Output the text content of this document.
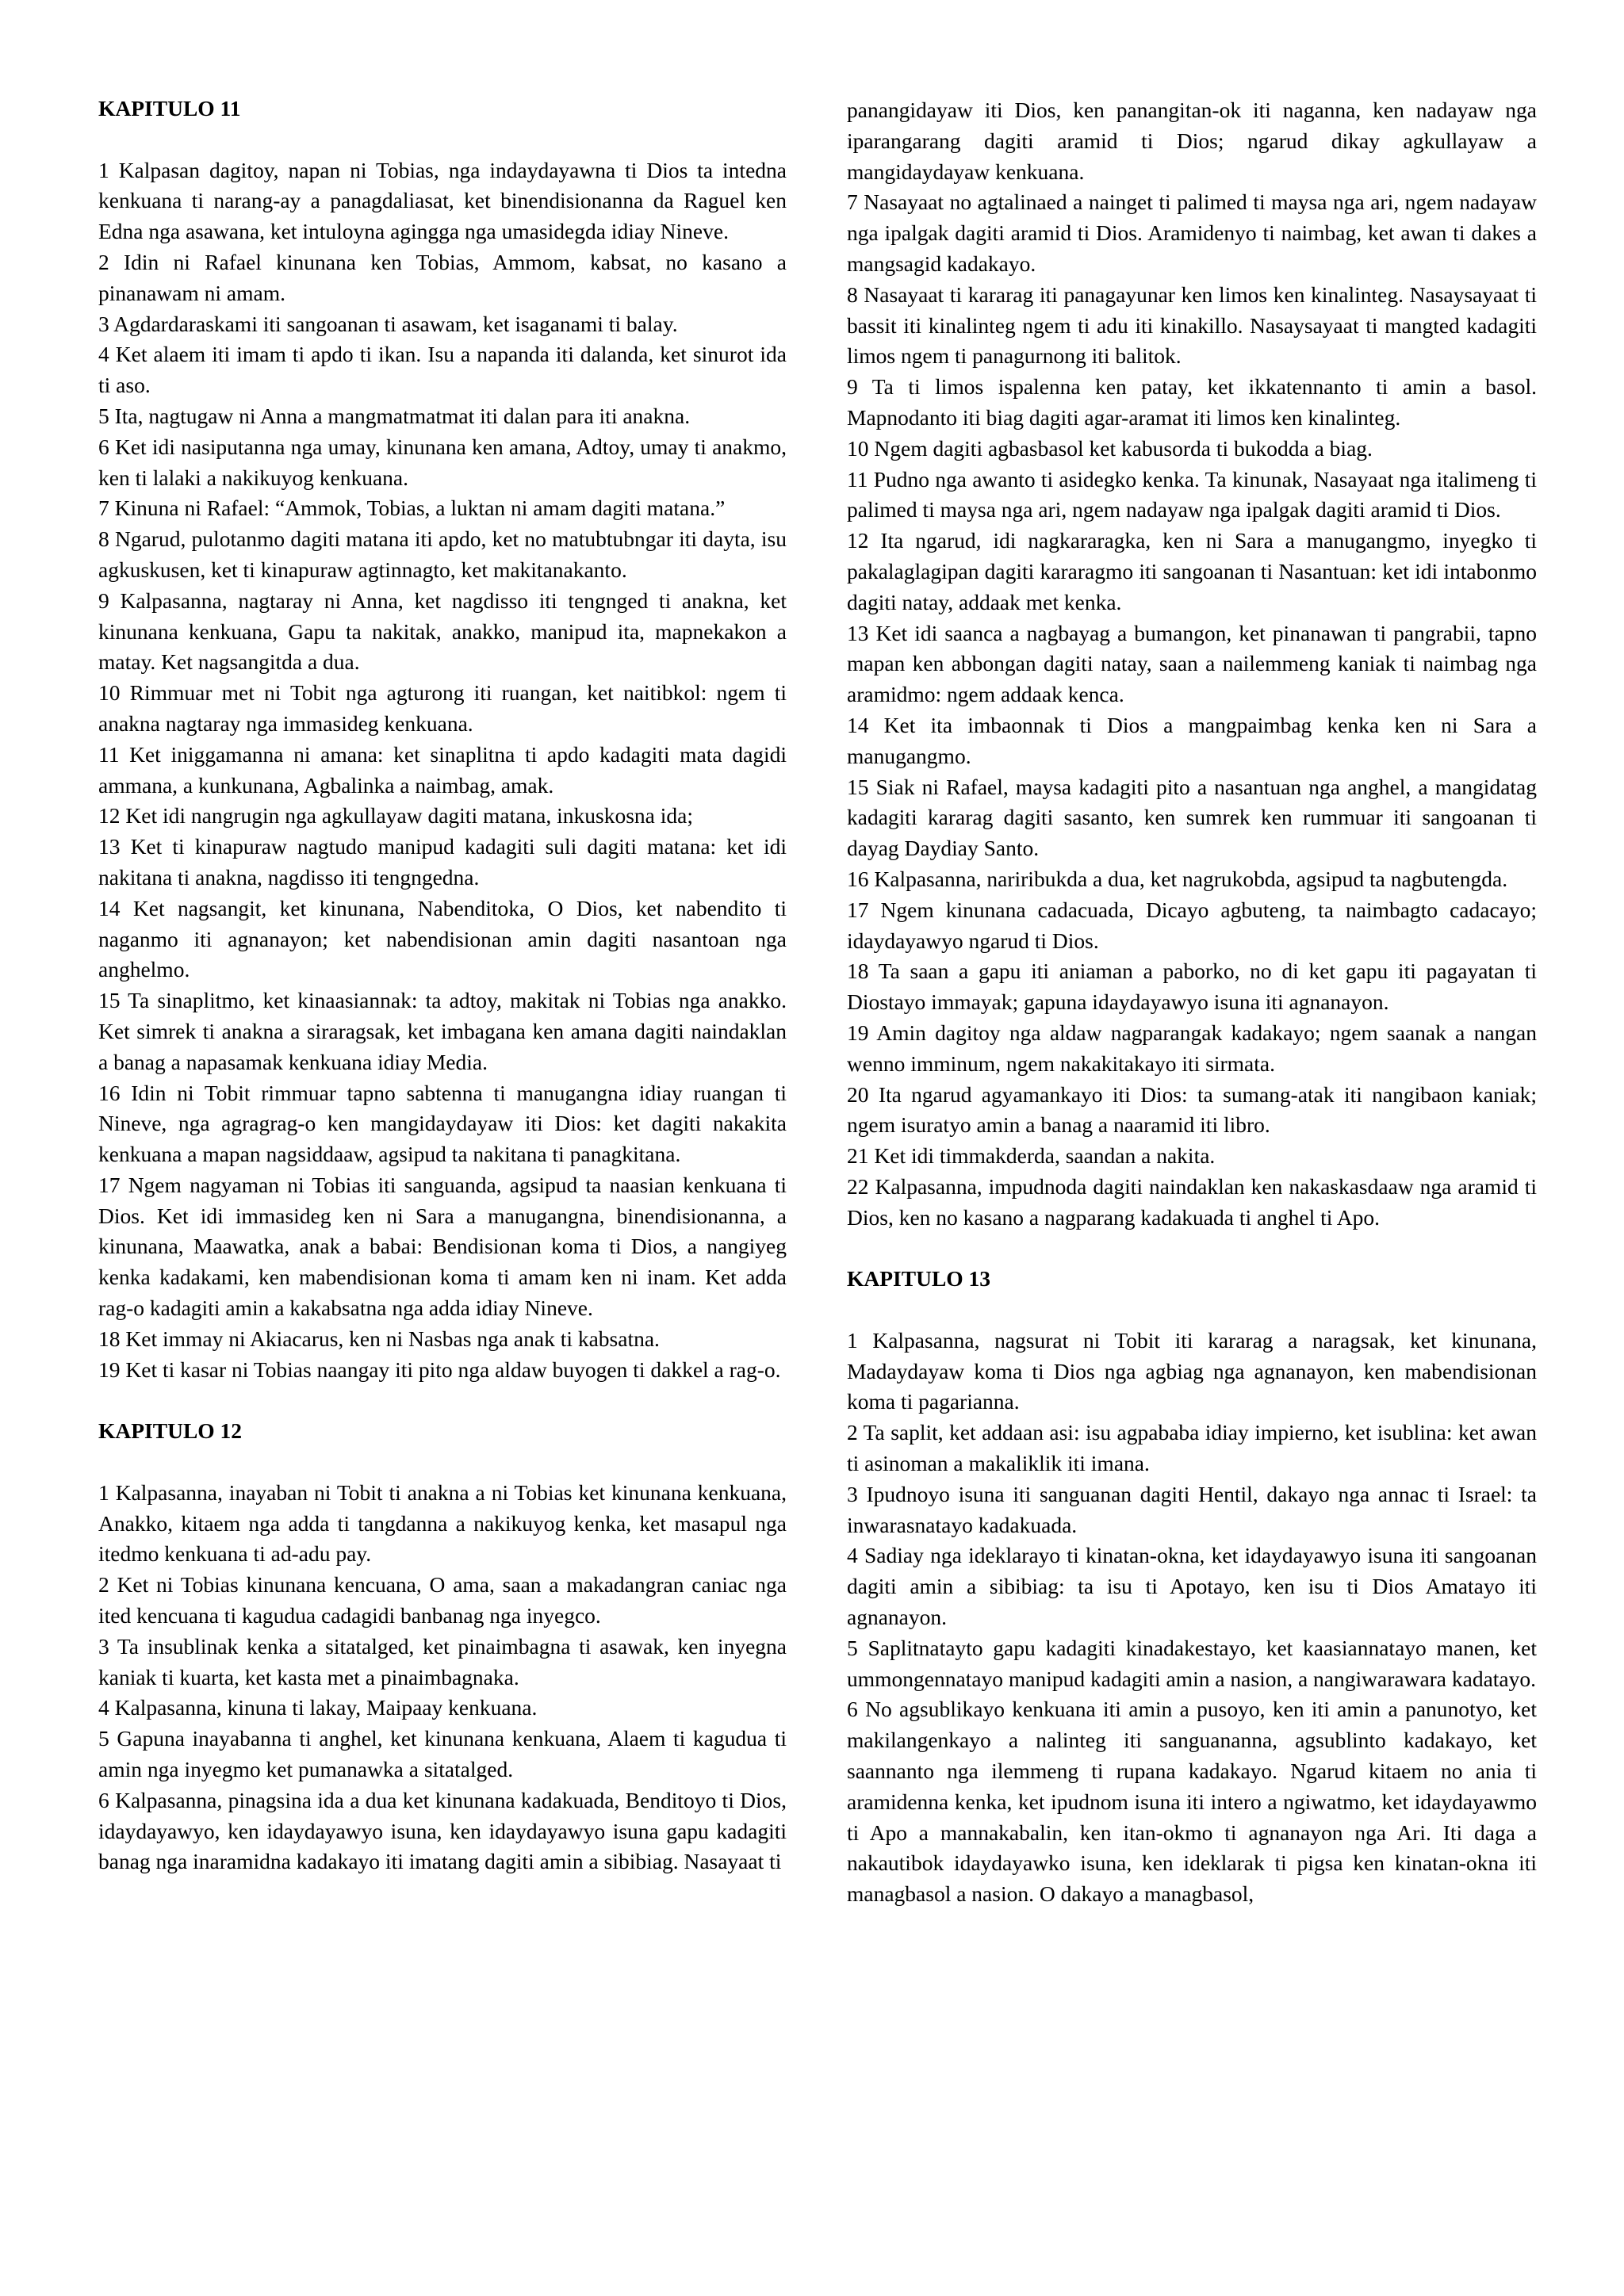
KAPITULO 11
1 Kalpasan dagitoy, napan ni Tobias, nga indaydayawna ti Dios ta intedna kenkuana ti narang-ay a panagdaliasat, ket binendisionanna da Raguel ken Edna nga asawana, ket intuloyna agingga nga umasidegda idiay Nineve.
2 Idin ni Rafael kinunana ken Tobias, Ammom, kabsat, no kasano a pinanawam ni amam.
3 Agdardaraskami iti sangoanan ti asawam, ket isaganami ti balay.
4 Ket alaem iti imam ti apdo ti ikan. Isu a napanda iti dalanda, ket sinurot ida ti aso.
5 Ita, nagtugaw ni Anna a mangmatmatmat iti dalan para iti anakna.
6 Ket idi nasiputanna nga umay, kinunana ken amana, Adtoy, umay ti anakmo, ken ti lalaki a nakikuyog kenkuana.
7 Kinuna ni Rafael: “Ammok, Tobias, a luktan ni amam dagiti matana.”
8 Ngarud, pulotanmo dagiti matana iti apdo, ket no matubtubngar iti dayta, isu agkuskusen, ket ti kinapuraw agtinnagto, ket makitanakanto.
9 Kalpasanna, nagtaray ni Anna, ket nagdisso iti tengnged ti anakna, ket kinunana kenkuana, Gapu ta nakitak, anakko, manipud ita, mapnekakon a matay. Ket nagsangitda a dua.
10 Rimmuar met ni Tobit nga agturong iti ruangan, ket naitibkol: ngem ti anakna nagtaray nga immasideg kenkuana.
11 Ket iniggamanna ni amana: ket sinaplitna ti apdo kadagiti mata dagidi ammana, a kunkunana, Agbalinka a naimbag, amak.
12 Ket idi nangrugin nga agkullayaw dagiti matana, inkuskosna ida;
13 Ket ti kinapuraw nagtudo manipud kadagiti suli dagiti matana: ket idi nakitana ti anakna, nagdisso iti tengngedna.
14 Ket nagsangit, ket kinunana, Nabenditoka, O Dios, ket nabendito ti naganmo iti agnanayon; ket nabendisionan amin dagiti nasantoan nga anghelmo.
15 Ta sinaplitmo, ket kinaasiannak: ta adtoy, makitak ni Tobias nga anakko. Ket simrek ti anakna a siraragsak, ket imbagana ken amana dagiti naindaklan a banag a napasamak kenkuana idiay Media.
16 Idin ni Tobit rimmuar tapno sabtenna ti manugangna idiay ruangan ti Nineve, nga agragrag-o ken mangidaydayaw iti Dios: ket dagiti nakakita kenkuana a mapan nagsiddaaw, agsipud ta nakitana ti panagkitana.
17 Ngem nagyaman ni Tobias iti sanguanda, agsipud ta naasian kenkuana ti Dios. Ket idi immasideg ken ni Sara a manugangna, binendisionanna, a kinunana, Maawatka, anak a babai: Bendisionan koma ti Dios, a nangiyeg kenka kadakami, ken mabendisionan koma ti amam ken ni inam. Ket adda rag-o kadagiti amin a kakabsatna nga adda idiay Nineve.
18 Ket immay ni Akiacarus, ken ni Nasbas nga anak ti kabsatna.
19 Ket ti kasar ni Tobias naangay iti pito nga aldaw buyogen ti dakkel a rag-o.
KAPITULO 12
1 Kalpasanna, inayaban ni Tobit ti anakna a ni Tobias ket kinunana kenkuana, Anakko, kitaem nga adda ti tangdanna a nakikuyog kenka, ket masapul nga itedmo kenkuana ti ad-adu pay.
2 Ket ni Tobias kinunana kencuana, O ama, saan a makadangran caniac nga ited kencuana ti kagudua cadagidi banbanag nga inyegco.
3 Ta insublinak kenka a sitatalged, ket pinaimbagna ti asawak, ken inyegna kaniak ti kuarta, ket kasta met a pinaimbagnaka.
4 Kalpasanna, kinuna ti lakay, Maipaay kenkuana.
5 Gapuna inayabanna ti anghel, ket kinunana kenkuana, Alaem ti kagudua ti amin nga inyegmo ket pumanawka a sitatalged.
6 Kalpasanna, pinagsina ida a dua ket kinunana kadakuada, Benditoyo ti Dios, idaydayawyo, ken idaydayawyo isuna, ken idaydayawyo isuna gapu kadagiti banag nga inaramidna kadakayo iti imatang dagiti amin a sibibiag. Nasayaat ti
panangidayaw iti Dios, ken panangitan-ok iti naganna, ken nadayaw nga iparangarang dagiti aramid ti Dios; ngarud dikay agkullayaw a mangidaydayaw kenkuana.
7 Nasayaat no agtalinaed a nainget ti palimed ti maysa nga ari, ngem nadayaw nga ipalgak dagiti aramid ti Dios. Aramidenyo ti naimbag, ket awan ti dakes a mangsagid kadakayo.
8 Nasayaat ti kararag iti panagayunar ken limos ken kinalinteg. Nasaysayaat ti bassit iti kinalinteg ngem ti adu iti kinakillo. Nasaysayaat ti mangted kadagiti limos ngem ti panagurnong iti balitok.
9 Ta ti limos ispalenna ken patay, ket ikkatennanto ti amin a basol. Mapnodanto iti biag dagiti agar-aramat iti limos ken kinalinteg.
10 Ngem dagiti agbasbasol ket kabusorda ti bukodda a biag.
11 Pudno nga awanto ti asidegko kenka. Ta kinunak, Nasayaat nga italimeng ti palimed ti maysa nga ari, ngem nadayaw nga ipalgak dagiti aramid ti Dios.
12 Ita ngarud, idi nagkararagka, ken ni Sara a manugangmo, inyegko ti pakalaglagipan dagiti kararagmo iti sangoanan ti Nasantuan: ket idi intabonmo dagiti natay, addaak met kenka.
13 Ket idi saanca a nagbayag a bumangon, ket pinanawan ti pangrabii, tapno mapan ken abbongan dagiti natay, saan a nailemmeng kaniak ti naimbag nga aramidmo: ngem addaak kenca.
14 Ket ita imbaonnak ti Dios a mangpaimbag kenka ken ni Sara a manugangmo.
15 Siak ni Rafael, maysa kadagiti pito a nasantuan nga anghel, a mangidatag kadagiti kararag dagiti sasanto, ken sumrek ken rummuar iti sangoanan ti dayag Daydiay Santo.
16 Kalpasanna, nariribukda a dua, ket nagrukobda, agsipud ta nagbutengda.
17 Ngem kinunana cadacuada, Dicayo agbuteng, ta naimbagto cadacayo; idaydayawyo ngarud ti Dios.
18 Ta saan a gapu iti aniaman a paborko, no di ket gapu iti pagayatan ti Diostayo immayak; gapuna idaydayawyo isuna iti agnanayon.
19 Amin dagitoy nga aldaw nagparangak kadakayo; ngem saanak a nangan wenno imminum, ngem nakakitakayo iti sirmata.
20 Ita ngarud agyamankayo iti Dios: ta sumang-atak iti nangibaon kaniak; ngem isuratyo amin a banag a naaramid iti libro.
21 Ket idi timmakderda, saandan a nakita.
22 Kalpasanna, impudnoda dagiti naindaklan ken nakaskasdaaw nga aramid ti Dios, ken no kasano a nagparang kadakuada ti anghel ti Apo.
KAPITULO 13
1 Kalpasanna, nagsurat ni Tobit iti kararag a naragsak, ket kinunana, Madaydayaw koma ti Dios nga agbiag nga agnanayon, ken mabendisionan koma ti pagarianna.
2 Ta saplit, ket addaan asi: isu agpababa idiay impierno, ket isublina: ket awan ti asinoman a makaliklik iti imana.
3 Ipudnoyo isuna iti sanguanan dagiti Hentil, dakayo nga annac ti Israel: ta inwarasnatayo kadakuada.
4 Sadiay nga ideklarayo ti kinatan-okna, ket idaydayawyo isuna iti sangoanan dagiti amin a sibibiag: ta isu ti Apotayo, ken isu ti Dios Amatayo iti agnanayon.
5 Saplitnatayto gapu kadagiti kinadakestayo, ket kaasiannatayo manen, ket ummongennatayo manipud kadagiti amin a nasion, a nangiwarawara kadatayo.
6 No agsublikayo kenkuana iti amin a pusoyo, ken iti amin a panunotyo, ket makilangenkayo a nalinteg iti sanguananna, agsublinto kadakayo, ket saannanto nga ilemmeng ti rupana kadakayo. Ngarud kitaem no ania ti aramidenna kenka, ket ipudnom isuna iti intero a ngiwatmo, ket idaydayawmo ti Apo a mannakabalin, ken itan-okmo ti agnanayon nga Ari. Iti daga a nakautibok idaydayawko isuna, ken ideklarak ti pigsa ken kinatan-okna iti managbasol a nasion. O dakayo a managbasol,
